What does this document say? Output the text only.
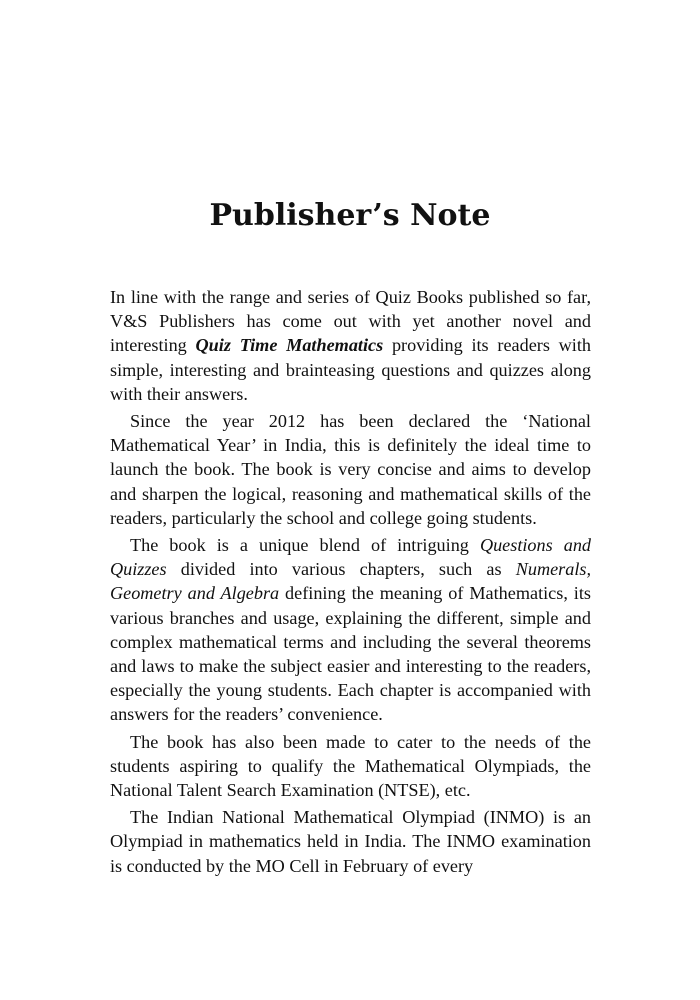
Publisher’s Note

In line with the range and series of Quiz Books published so far, V&S Publishers has come out with yet another novel and interesting Quiz Time Mathematics providing its readers with simple, interesting and brainteasing questions and quizzes along with their answers.

Since the year 2012 has been declared the ‘National Mathematical Year’ in India, this is definitely the ideal time to launch the book. The book is very concise and aims to develop and sharpen the logical, reasoning and mathematical skills of the readers, particularly the school and college going students.

The book is a unique blend of intriguing Questions and Quizzes divided into various chapters, such as Numerals, Geometry and Algebra defining the meaning of Mathematics, its various branches and usage, explaining the different, simple and complex mathematical terms and including the several theorems and laws to make the subject easier and interesting to the readers, especially the young students. Each chapter is accompanied with answers for the readers’ convenience.

The book has also been made to cater to the needs of the students aspiring to qualify the Mathematical Olympiads, the National Talent Search Examination (NTSE), etc.

The Indian National Mathematical Olympiad (INMO) is an Olympiad in mathematics held in India. The INMO examination is conducted by the MO Cell in February of every
